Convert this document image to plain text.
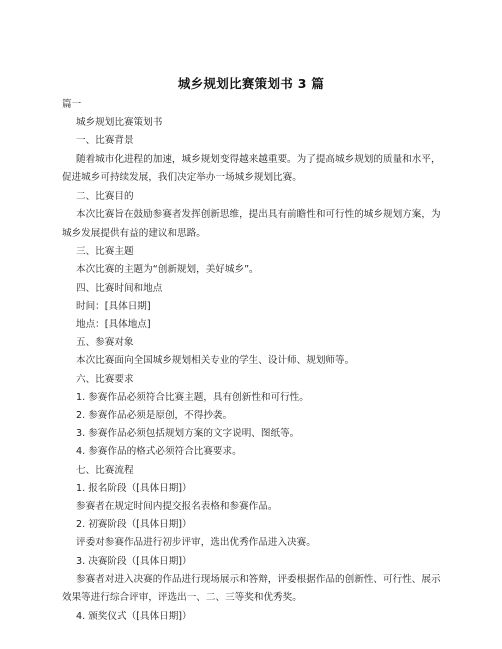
城乡规划比赛策划书 3 篇

篇一

城乡规划比赛策划书

一、比赛背景

随着城市化进程的加速，城乡规划变得越来越重要。为了提高城乡规划的质量和水平，促进城乡可持续发展，我们决定举办一场城乡规划比赛。

二、比赛目的

本次比赛旨在鼓励参赛者发挥创新思维，提出具有前瞻性和可行性的城乡规划方案，为城乡发展提供有益的建议和思路。

三、比赛主题

本次比赛的主题为“创新规划，美好城乡”。

四、比赛时间和地点

时间：[具体日期]

地点：[具体地点]

五、参赛对象

本次比赛面向全国城乡规划相关专业的学生、设计师、规划师等。

六、比赛要求

1. 参赛作品必须符合比赛主题，具有创新性和可行性。

2. 参赛作品必须是原创，不得抄袭。

3. 参赛作品必须包括规划方案的文字说明、图纸等。

4. 参赛作品的格式必须符合比赛要求。

七、比赛流程

1. 报名阶段（[具体日期]）

参赛者在规定时间内提交报名表格和参赛作品。

2. 初赛阶段（[具体日期]）

评委对参赛作品进行初步评审，选出优秀作品进入决赛。

3. 决赛阶段（[具体日期]）

参赛者对进入决赛的作品进行现场展示和答辩，评委根据作品的创新性、可行性、展示效果等进行综合评审，评选出一、二、三等奖和优秀奖。

4. 颁奖仪式（[具体日期]）
